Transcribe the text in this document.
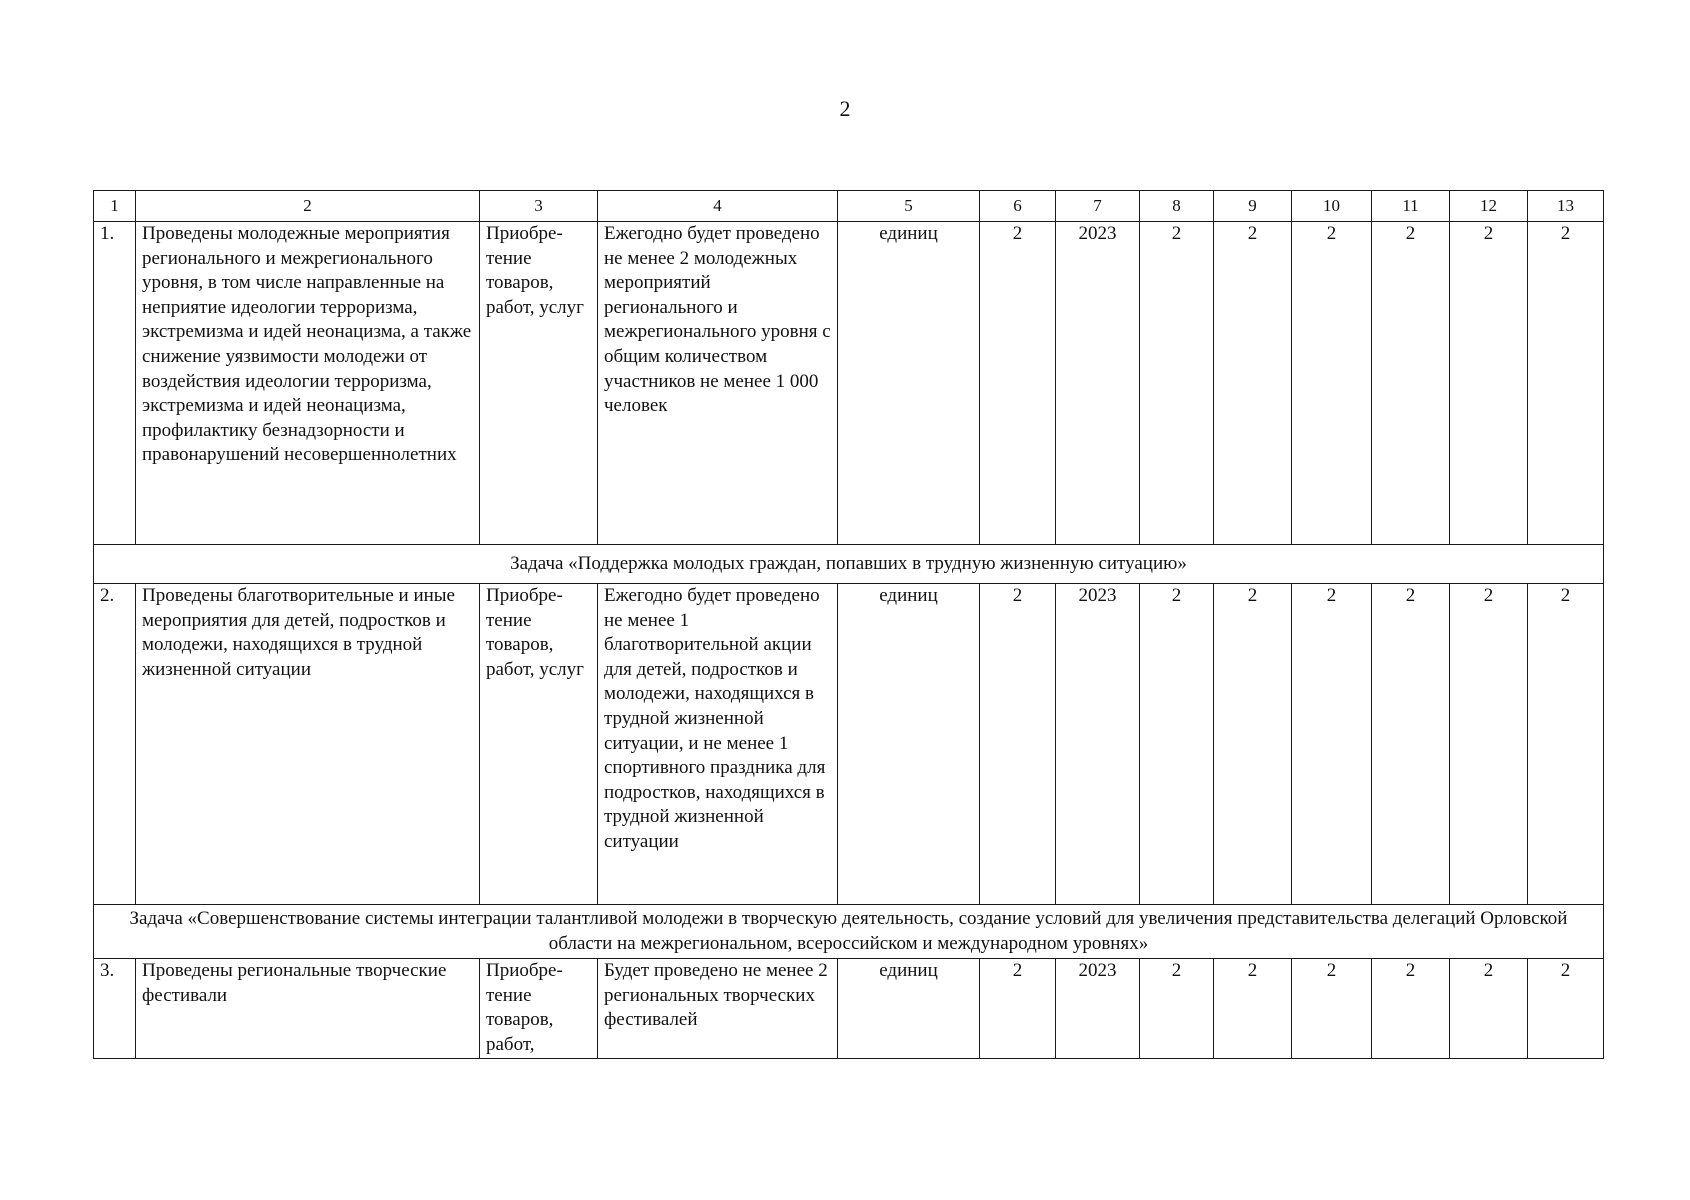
2
1	2	3	4	5	6	7	8	9	10	11	12	13
1.	Проведены молодежные мероприятия регионального и межрегионального уровня, в том числе направленные на неприятие идеологии терроризма, экстремизма и идей неонацизма, а также снижение уязвимости молодежи от воздействия идеологии терроризма, экстремизма и идей неонацизма, профилактику безнадзорности и правонарушений несовершеннолетних	Приобре-тение товаров, работ, услуг	Ежегодно будет проведено не менее 2 молодежных мероприятий регионального и межрегионального уровня с общим количеством участников не менее 1 000 человек	единиц	2	2023	2	2	2	2	2	2
Задача «Поддержка молодых граждан, попавших в трудную жизненную ситуацию»												
2.	Проведены благотворительные и иные мероприятия для детей, подростков и молодежи, находящихся в трудной жизненной ситуации	Приобре-тение товаров, работ, услуг	Ежегодно будет проведено не менее 1 благотворительной акции для детей, подростков и молодежи, находящихся в трудной жизненной ситуации, и не менее 1 спортивного праздника для подростков, находящихся в трудной жизненной ситуации	единиц	2	2023	2	2	2	2	2	2
Задача «Совершенствование системы интеграции талантливой молодежи в творческую деятельность, создание условий для увеличения представительства делегаций Орловской области на межрегиональном, всероссийском и международном уровнях»												
3.	Проведены региональные творческие фестивали	Приобре-тение товаров, работ,	Будет проведено не менее 2 региональных творческих фестивалей	единиц	2	2023	2	2	2	2	2	2
